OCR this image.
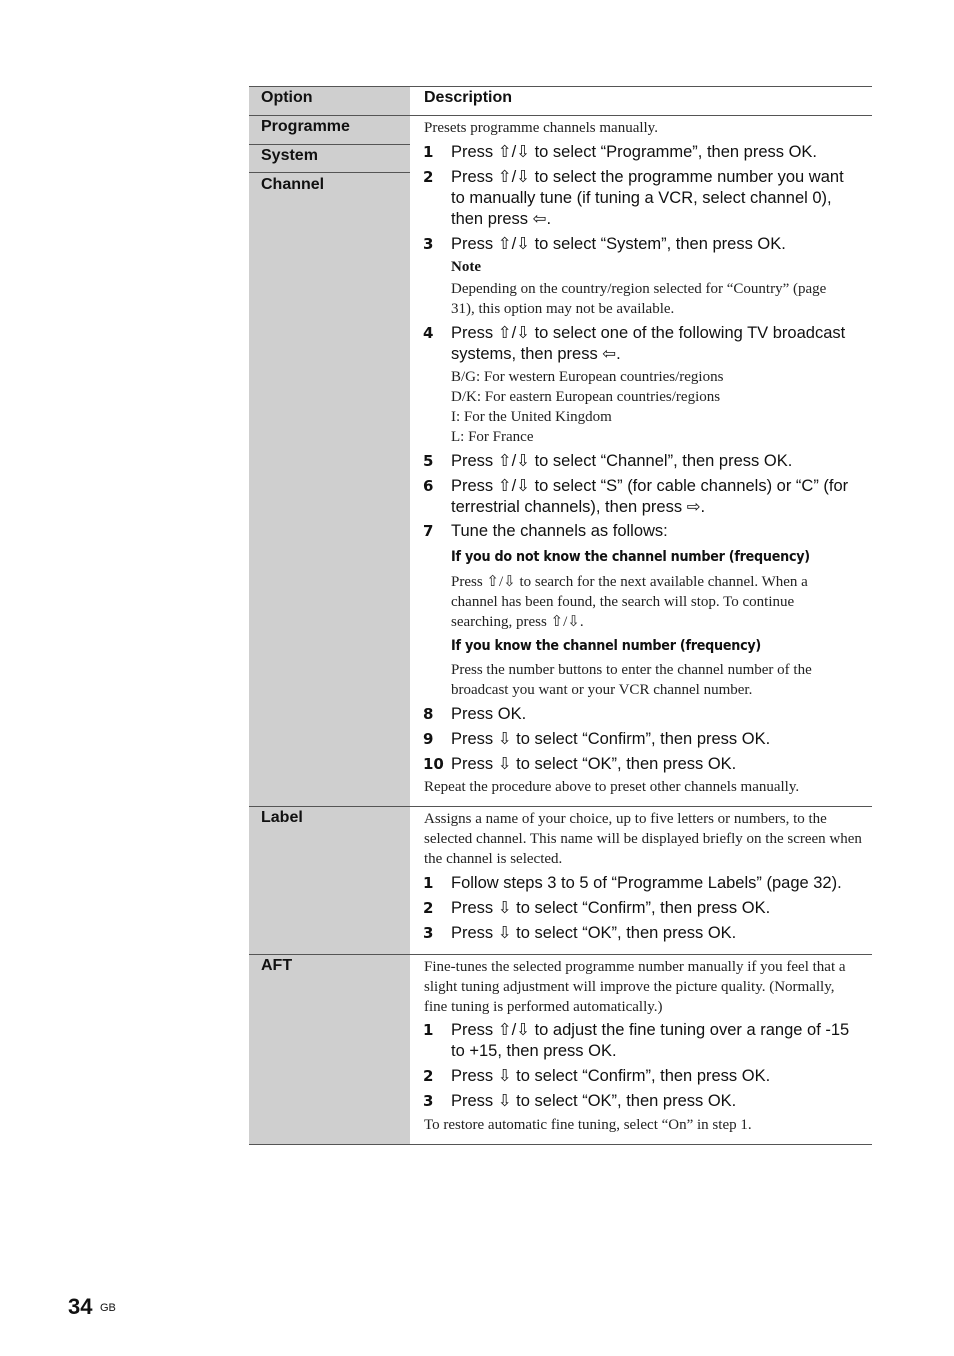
Option	Description
Programme
System
Channel
Label
AFT
Presets programme channels manually.
1 Press ⇧/⇩ to select “Programme”, then press OK.
2 Press ⇧/⇩ to select the programme number you want to manually tune (if tuning a VCR, select channel 0), then press ⇦.
3 Press ⇧/⇩ to select “System”, then press OK.
Note
Depending on the country/region selected for “Country” (page 31), this option may not be available.
4 Press ⇧/⇩ to select one of the following TV broadcast systems, then press ⇦.
B/G: For western European countries/regions
D/K: For eastern European countries/regions
I: For the United Kingdom
L: For France
5 Press ⇧/⇩ to select “Channel”, then press OK.
6 Press ⇧/⇩ to select “S” (for cable channels) or “C” (for terrestrial channels), then press ⇨.
7 Tune the channels as follows:
If you do not know the channel number (frequency)
Press ⇧/⇩ to search for the next available channel. When a channel has been found, the search will stop. To continue searching, press ⇧/⇩.
If you know the channel number (frequency)
Press the number buttons to enter the channel number of the broadcast you want or your VCR channel number.
8 Press OK.
9 Press ⇩ to select “Confirm”, then press OK.
10 Press ⇩ to select “OK”, then press OK.
Repeat the procedure above to preset other channels manually.
Assigns a name of your choice, up to five letters or numbers, to the selected channel. This name will be displayed briefly on the screen when the channel is selected.
1 Follow steps 3 to 5 of “Programme Labels” (page 32).
2 Press ⇩ to select “Confirm”, then press OK.
3 Press ⇩ to select “OK”, then press OK.
Fine-tunes the selected programme number manually if you feel that a slight tuning adjustment will improve the picture quality. (Normally, fine tuning is performed automatically.)
1 Press ⇧/⇩ to adjust the fine tuning over a range of -15 to +15, then press OK.
2 Press ⇩ to select “Confirm”, then press OK.
3 Press ⇩ to select “OK”, then press OK.
To restore automatic fine tuning, select “On” in step 1.
34 GB
